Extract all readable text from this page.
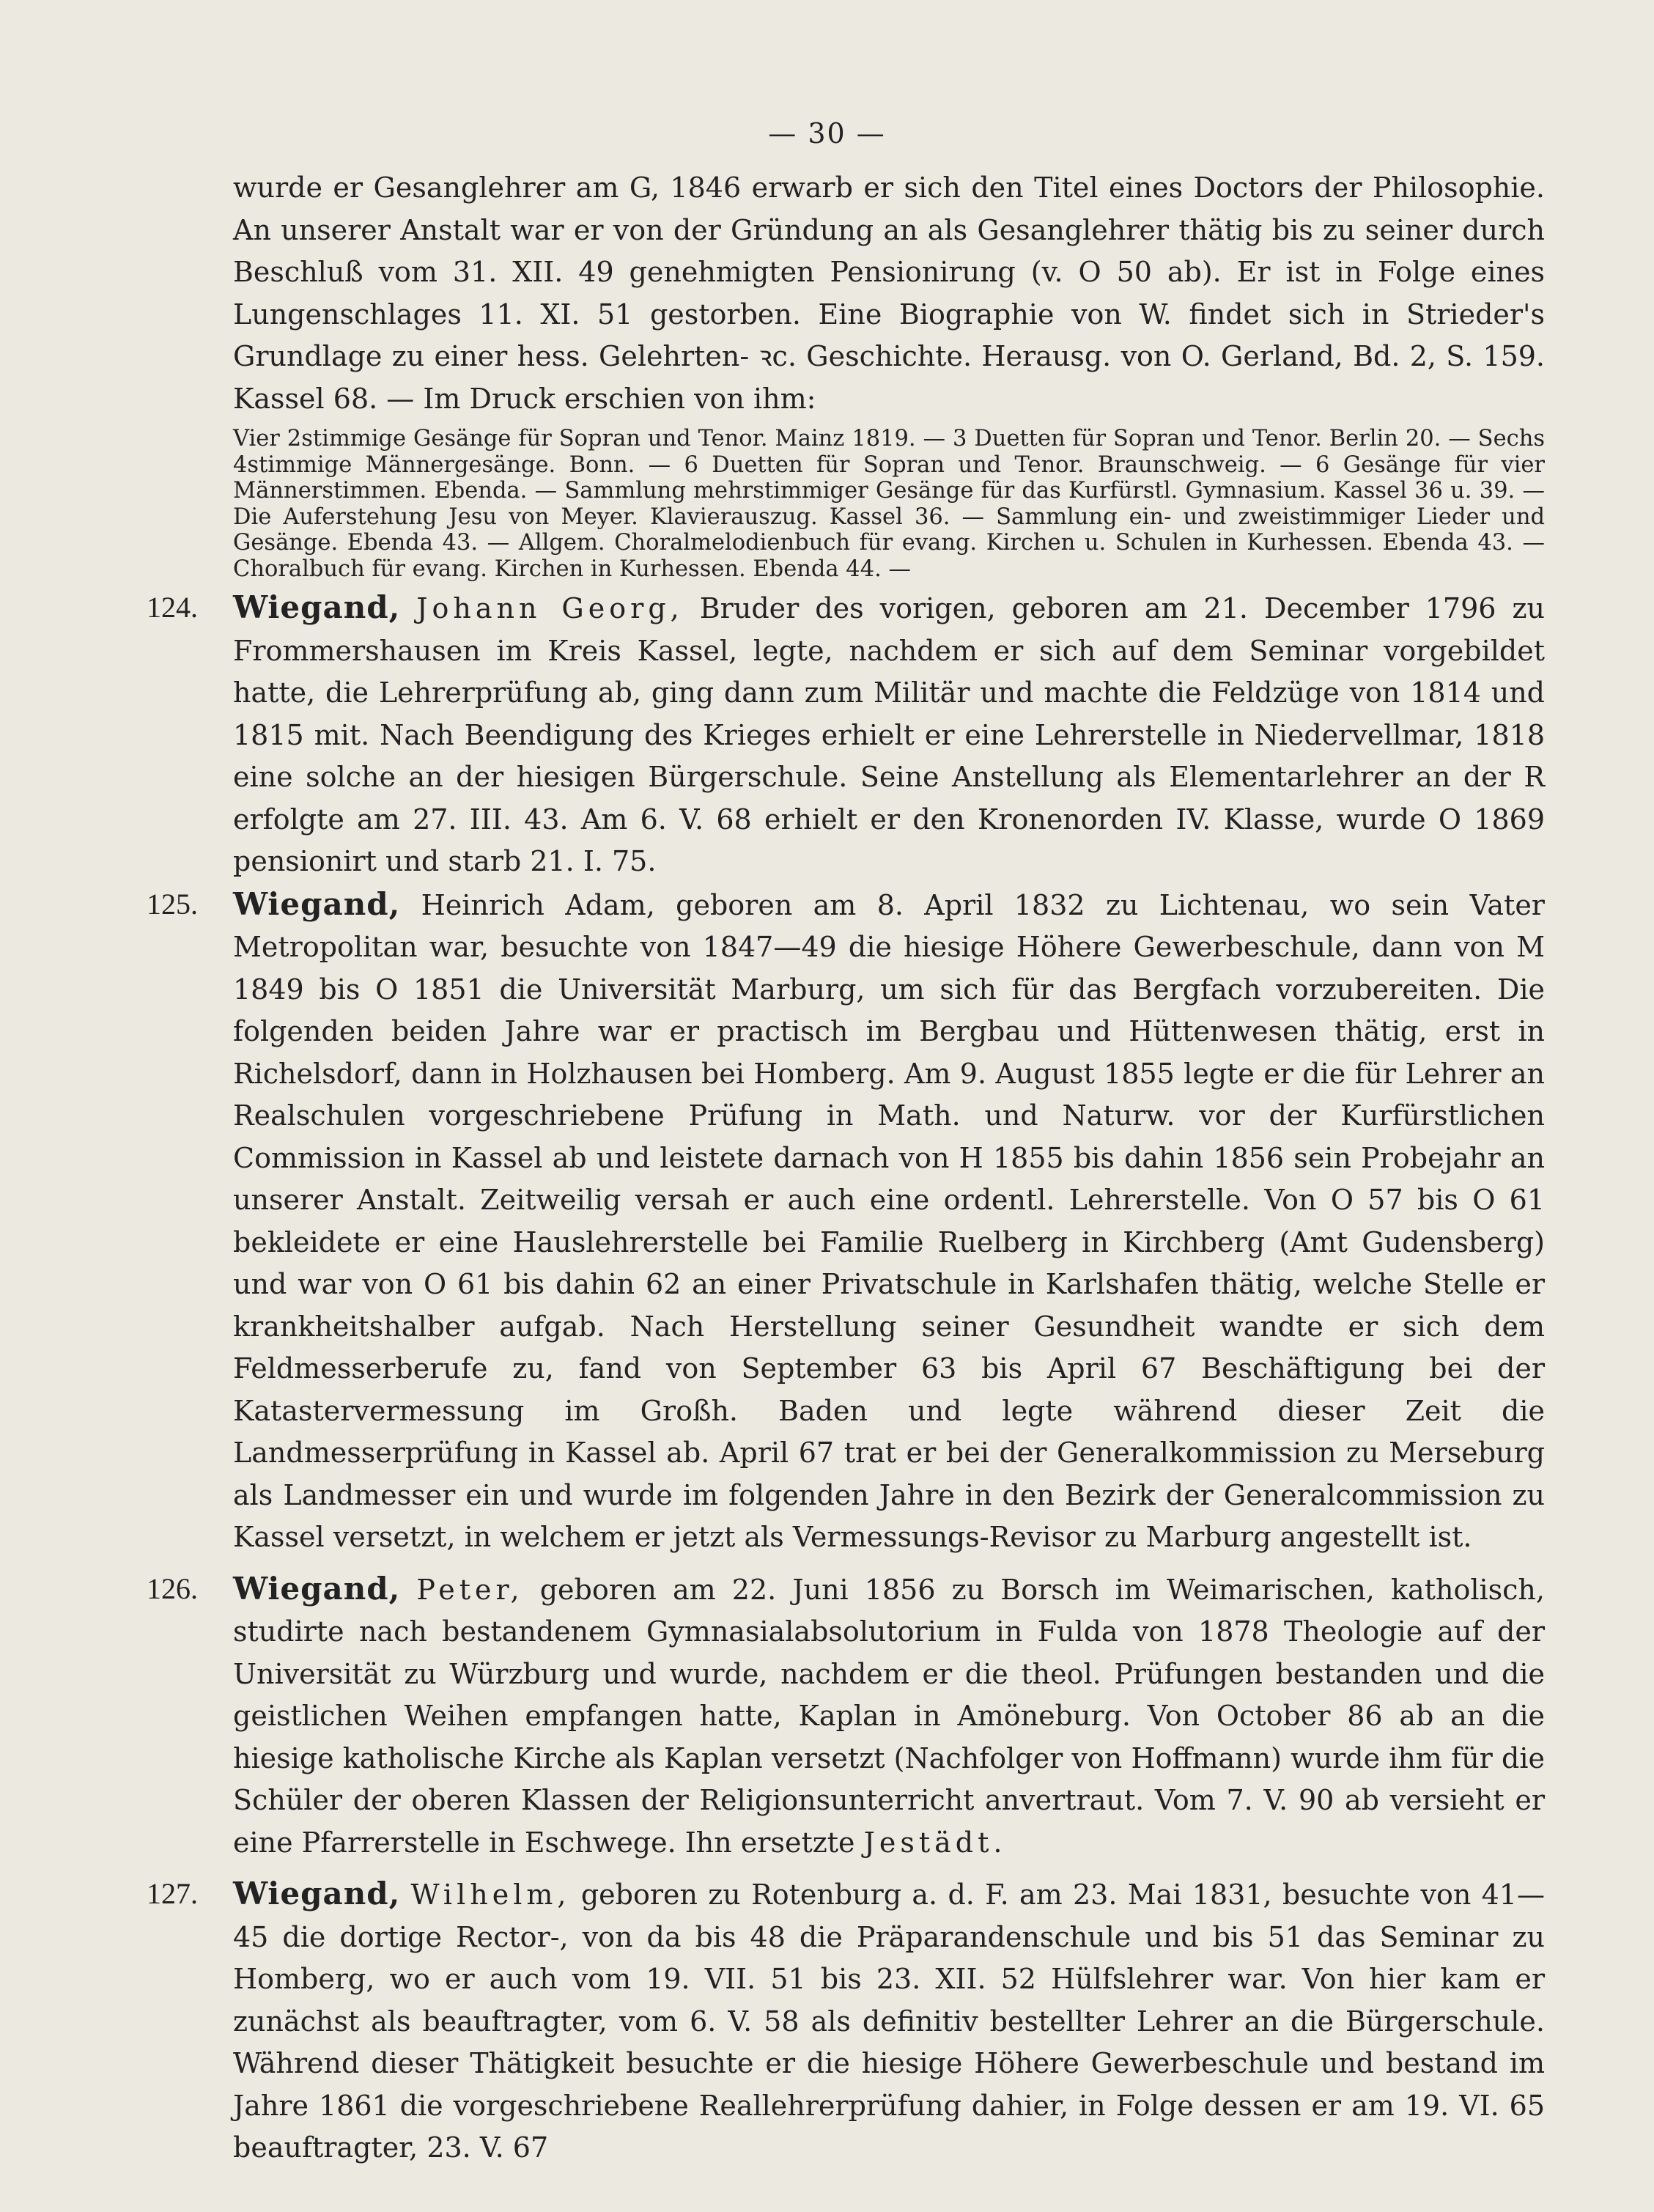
— 30 —
wurde er Gesanglehrer am G, 1846 erwarb er sich den Titel eines Doctors der Philosophie. An unserer Anstalt war er von der Gründung an als Gesanglehrer thätig bis zu seiner durch Beschluß vom 31. XII. 49 genehmigten Pensionirung (v. O 50 ab). Er ist in Folge eines Lungenschlages 11. XI. 51 gestorben. Eine Biographie von W. findet sich in Strieder's Grundlage zu einer hess. Gelehrten- ꝛc. Geschichte. Herausg. von O. Gerland, Bd. 2, S. 159. Kassel 68. — Im Druck erschien von ihm:
Vier 2stimmige Gesänge für Sopran und Tenor. Mainz 1819. — 3 Duetten für Sopran und Tenor. Berlin 20. — Sechs 4stimmige Männergesänge. Bonn. — 6 Duetten für Sopran und Tenor. Braunschweig. — 6 Gesänge für vier Männerstimmen. Ebenda. — Sammlung mehrstimmiger Gesänge für das Kurfürstl. Gymnasium. Kassel 36 u. 39. — Die Auferstehung Jesu von Meyer. Klavierauszug. Kassel 36. — Sammlung ein- und zweistimmiger Lieder und Gesänge. Ebenda 43. — Allgem. Choralmelodienbuch für evang. Kirchen u. Schulen in Kurhessen. Ebenda 43. — Choralbuch für evang. Kirchen in Kurhessen. Ebenda 44. —
124.	Wiegand, Johann Georg, Bruder des vorigen, geboren am 21. December 1796 zu Frommershausen im Kreis Kassel, legte, nachdem er sich auf dem Seminar vorgebildet hatte, die Lehrerprüfung ab, ging dann zum Militär und machte die Feldzüge von 1814 und 1815 mit. Nach Beendigung des Krieges erhielt er eine Lehrerstelle in Niedervellmar, 1818 eine solche an der hiesigen Bürgerschule. Seine Anstellung als Elementarlehrer an der R erfolgte am 27. III. 43. Am 6. V. 68 erhielt er den Kronenorden IV. Klasse, wurde O 1869 pensionirt und starb 21. I. 75.
125.	Wiegand, Heinrich Adam, geboren am 8. April 1832 zu Lichtenau, wo sein Vater Metropolitan war, besuchte von 1847—49 die hiesige Höhere Gewerbeschule, dann von M 1849 bis O 1851 die Universität Marburg, um sich für das Bergfach vorzubereiten. Die folgenden beiden Jahre war er practisch im Bergbau und Hüttenwesen thätig, erst in Richelsdorf, dann in Holzhausen bei Homberg. Am 9. August 1855 legte er die für Lehrer an Realschulen vorgeschriebene Prüfung in Math. und Naturw. vor der Kurfürstlichen Commission in Kassel ab und leistete darnach von H 1855 bis dahin 1856 sein Probejahr an unserer Anstalt. Zeitweilig versah er auch eine ordentl. Lehrerstelle. Von O 57 bis O 61 bekleidete er eine Hauslehrerstelle bei Familie Ruelberg in Kirchberg (Amt Gudensberg) und war von O 61 bis dahin 62 an einer Privatschule in Karlshafen thätig, welche Stelle er krankheitshalber aufgab. Nach Herstellung seiner Gesundheit wandte er sich dem Feldmesserberufe zu, fand von September 63 bis April 67 Beschäftigung bei der Katastervermessung im Großh. Baden und legte während dieser Zeit die Landmesserprüfung in Kassel ab. April 67 trat er bei der Generalkommission zu Merseburg als Landmesser ein und wurde im folgenden Jahre in den Bezirk der Generalcommission zu Kassel versetzt, in welchem er jetzt als Vermessungs-Revisor zu Marburg angestellt ist.
126.	Wiegand, Peter, geboren am 22. Juni 1856 zu Borsch im Weimarischen, katholisch, studirte nach bestandenem Gymnasialabsolutorium in Fulda von 1878 Theologie auf der Universität zu Würzburg und wurde, nachdem er die theol. Prüfungen bestanden und die geistlichen Weihen empfangen hatte, Kaplan in Amöneburg. Von October 86 ab an die hiesige katholische Kirche als Kaplan versetzt (Nachfolger von Hoffmann) wurde ihm für die Schüler der oberen Klassen der Religionsunterricht anvertraut. Vom 7. V. 90 ab versieht er eine Pfarrerstelle in Eschwege. Ihn ersetzte Jestädt.
127.	Wiegand, Wilhelm, geboren zu Rotenburg a. d. F. am 23. Mai 1831, besuchte von 41—45 die dortige Rector-, von da bis 48 die Präparandenschule und bis 51 das Seminar zu Homberg, wo er auch vom 19. VII. 51 bis 23. XII. 52 Hülfslehrer war. Von hier kam er zunächst als beauftragter, vom 6. V. 58 als definitiv bestellter Lehrer an die Bürgerschule. Während dieser Thätigkeit besuchte er die hiesige Höhere Gewerbeschule und bestand im Jahre 1861 die vorgeschriebene Reallehrerprüfung dahier, in Folge dessen er am 19. VI. 65 beauftragter, 23. V. 67
